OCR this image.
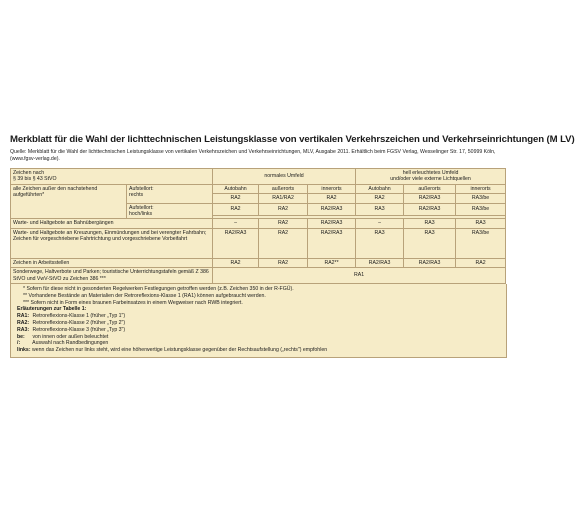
Merkblatt für die Wahl der lichttechnischen Leistungsklasse von vertikalen Verkehrszeichen und Verkehrseinrichtungen (M LV)
Quelle: Merkblatt für die Wahl der lichttechnischen Leistungsklasse von vertikalen Verkehrszeichen und Verkehrseinrichtungen, MLV, Ausgabe 2011. Erhältlich beim FGSV Verlag, Wesselinger Str. 17, 50999 Köln, (www.fgsv-verlag.de).
Zeichen nach
§ 39 bis § 43 StVO		normales Umfeld			hell erleuchtetes Umfeld
und/oder viele externe Lichtquellen		
alle Zeichen außer den nachstehend aufgeführten*	Aufstellort:
rechts	Autobahn	außerorts	innerorts	Autobahn	außerorts	innerorts
		RA2	RA1/RA2	RA2	RA2	RA2/RA3	RA3/be
	Aufstellort:
hoch/links	RA2	RA2	RA2/RA3	RA3	RA2/RA3	RA3/be

Warte- und Haltgebote an Bahnübergängen		–	RA2	RA2/RA3	–	RA3	RA3
Warte- und Haltgebote an Kreuzungen, Einmündungen und bei verengter Fahrbahn; Zeichen für vorgeschriebene Fahrtrichtung und vorgeschriebene Vorbeifahrt		RA2/RA3	RA2	RA2/RA3	RA3	RA3	RA3/be
Zeichen in Arbeitsstellen		RA2	RA2	RA2**	RA2/RA3	RA2/RA3	RA2
Sonderwege, Haltverbote und Parken; touristische Unterrichtungstafeln gemäß Z 386 StVO und VwV-StVO zu Zeichen 386 ***		RA1					
* Sofern für diese nicht in gesonderten Regelwerken Festlegungen getroffen werden (z.B. Zeichen 350 in der R-FGÜ).
** Vorhandene Bestände an Materialien der Retroreflexions-Klasse 1 (RA1) können aufgebraucht werden.
*** Sofern nicht in Form eines braunen Farbeinsatzes in einem Wegweiser nach RWB integriert.
Erläuterungen zur Tabelle 1:
RA1: Retroreflexions-Klasse 1 (früher „Typ 1")
RA2: Retroreflexions-Klasse 2 (früher „Typ 2")
RA3: Retroreflexions-Klasse 3 (früher „Typ 3")
be: von innen oder außen beleuchtet
/: Auswahl nach Randbedingungen
links: wenn das Zeichen nur links steht, wird eine höherwertige Leistungsklasse gegenüber der Rechtsaufstellung („rechts") empfohlen
